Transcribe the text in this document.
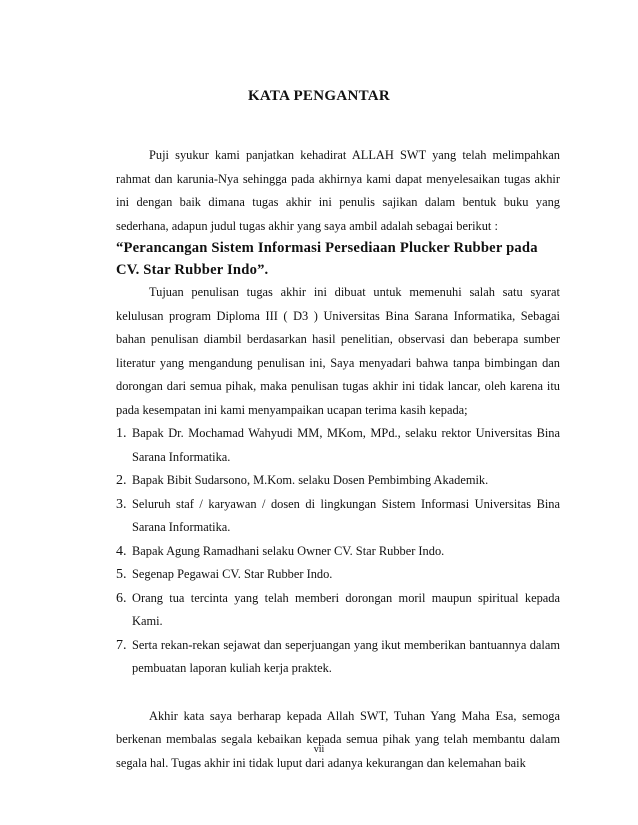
KATA PENGANTAR

Puji syukur kami panjatkan kehadirat ALLAH SWT yang telah melimpahkan rahmat dan karunia-Nya sehingga pada akhirnya kami dapat menyelesaikan tugas akhir ini dengan baik dimana tugas akhir ini penulis sajikan dalam bentuk buku yang sederhana, adapun judul tugas akhir yang saya ambil adalah sebagai berikut :

“Perancangan Sistem Informasi Persediaan Plucker Rubber pada CV. Star Rubber Indo”.

Tujuan penulisan tugas akhir ini dibuat untuk memenuhi salah satu syarat kelulusan program Diploma III ( D3 ) Universitas Bina Sarana Informatika, Sebagai bahan penulisan diambil berdasarkan hasil penelitian, observasi dan beberapa sumber literatur yang mengandung penulisan ini, Saya menyadari bahwa tanpa bimbingan dan dorongan dari semua pihak, maka penulisan tugas akhir ini tidak lancar, oleh karena itu pada kesempatan ini kami menyampaikan ucapan terima kasih kepada;

1. Bapak Dr. Mochamad Wahyudi MM, MKom, MPd., selaku rektor Universitas Bina Sarana Informatika.
2. Bapak Bibit Sudarsono, M.Kom. selaku Dosen Pembimbing Akademik.
3. Seluruh staf / karyawan / dosen di lingkungan Sistem Informasi Universitas Bina Sarana Informatika.
4. Bapak Agung Ramadhani selaku Owner CV. Star Rubber Indo.
5. Segenap Pegawai CV. Star Rubber Indo.
6. Orang tua tercinta yang telah memberi dorongan moril maupun spiritual kepada Kami.
7. Serta rekan-rekan sejawat dan seperjuangan yang ikut memberikan bantuannya dalam pembuatan laporan kuliah kerja praktek.

Akhir kata saya berharap kepada Allah SWT, Tuhan Yang Maha Esa, semoga berkenan membalas segala kebaikan kepada semua pihak yang telah membantu dalam segala hal. Tugas akhir ini tidak luput dari adanya kekurangan dan kelemahan baik

vii
